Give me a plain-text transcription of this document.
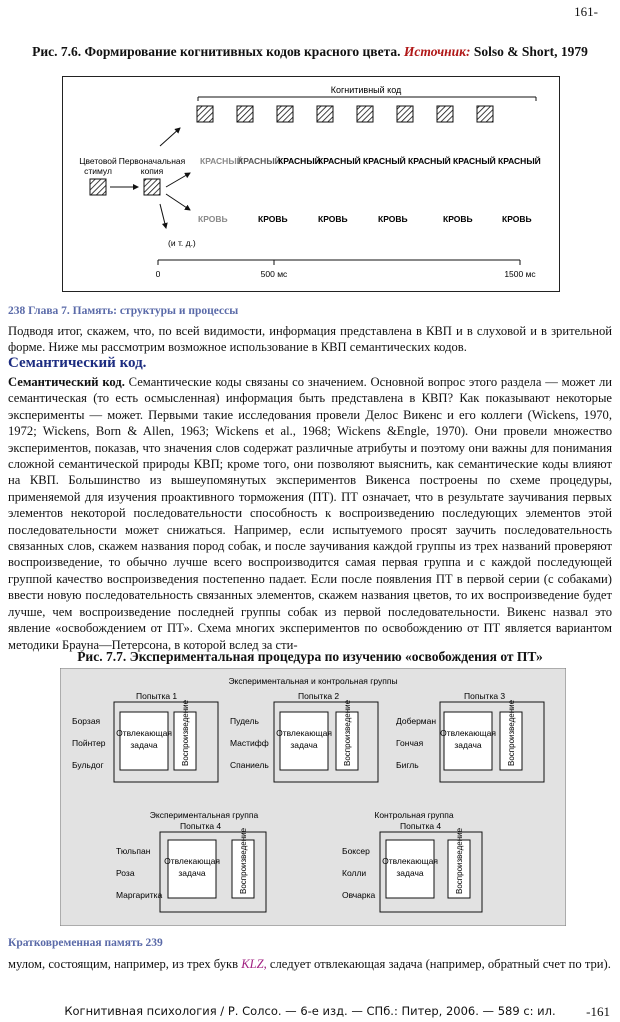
161-
Рис. 7.6. Формирование когнитивных кодов красного цвета. Источник: Solso & Short, 1979
Когнитивный код
Цветовой
стимул
Первоначальная
копия
КРАСНЫЙ
КРАСНЫЙ
КРАСНЫЙ
КРАСНЫЙ КРАСНЫЙ КРАСНЫЙ КРАСНЫЙ КРАСНЫЙ
КРОВЬ	КРОВЬ	КРОВЬ	КРОВЬ	КРОВЬ	КРОВЬ
(и т. д.)
0	500 мс	1500 мс
238 Глава 7. Память: структуры и процессы
Подводя итог, скажем, что, по всей видимости, информация представлена в КВП и в слуховой и в зрительной форме. Ниже мы рассмотрим возможное использование в КВП семантических кодов.
Семантический код.
Семантический код. Семантические коды связаны со значением. Основной вопрос этого раздела — может ли семантическая (то есть осмысленная) информация быть представлена в КВП? Как показывают некоторые эксперименты — может. Первыми такие исследования провели Делос Викенс и его коллеги (Wickens, 1970, 1972; Wickens, Born & Allen, 1963; Wickens et al., 1968; Wickens &Engle, 1970). Они провели множество экспериментов, показав, что значения слов содержат различные атрибуты и поэтому они важны для понимания сложной семантической природы КВП; кроме того, они позволяют выяснить, как семантические коды влияют на КВП. Большинство из вышеупомянутых экспериментов Викенса построены по схеме процедуры, применяемой для изучения проактивного торможения (ПТ). ПТ означает, что в результате заучивания первых элементов некоторой последовательности способность к воспроизведению последующих элементов этой последовательности может снижаться. Например, если испытуемого просят заучить последовательность связанных слов, скажем названия пород собак, и после заучивания каждой группы из трех названий проверяют воспроизведение, то обычно лучше всего воспроизводится самая первая группа и с каждой последующей группой качество воспроизведения постепенно падает. Если после появления ПТ в первой серии (с собаками) ввести новую последовательность связанных элементов, скажем названия цветов, то их воспроизведение будет лучше, чем воспроизведение последней группы собак из первой последовательности. Викенс назвал это явление «освобождением от ПТ». Схема многих экспериментов по освобождению от ПТ является вариантом методики Брауна—Петерсона, в которой вслед за сти-
Рис. 7.7. Экспериментальная процедура по изучению «освобождения от ПТ»
Экспериментальная и контрольная группы
Попытка 1
Борзая
Пойнтер
Бульдог
Отвлекающая
задача	Воспроизведение
Попытка 2
Пудель
Мастифф
Спаниель
Отвлекающая
задача	Воспроизведение
Попытка 3
Доберман
Гончая
Бигль
Отвлекающая
задача	Воспроизведение
Экспериментальная группа
Попытка 4
Тюльпан
Роза
Маргаритка
Отвлекающая
задача	Воспроизведение
Контрольная группа
Попытка 4
Боксер
Колли
Овчарка
Отвлекающая
задача	Воспроизведение
Кратковременная память 239
мулом, состоящим, например, из трех букв KLZ, следует отвлекающая задача (например, обратный счет по три).
Когнитивная психология / Р. Солсо. — 6-е изд. — СПб.: Питер, 2006. — 589 с: ил.	-161
